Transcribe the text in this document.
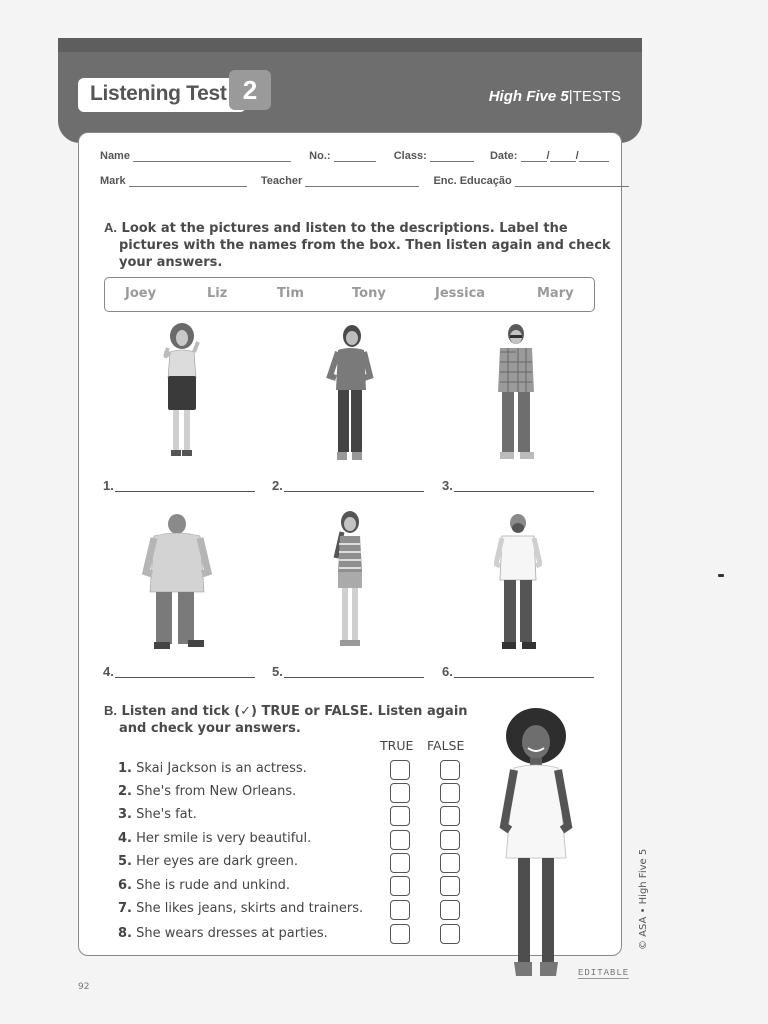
Listening Test 2	High Five 5|TESTS
Name	No.:	Class:	Date:	/ /
Mark	Teacher	Enc. Educação
A. Look at the pictures and listen to the descriptions. Label the
pictures with the names from the box. Then listen again and check
your answers.
Joey	Liz	Tim	Tony	Jessica	Mary
1.	2.	3.
4.	5.	6.
B. Listen and tick (✓) TRUE or FALSE. Listen again
and check your answers.
TRUE FALSE
1. Skai Jackson is an actress.
2. She's from New Orleans.
3. She's fat.
4. Her smile is very beautiful.
5. Her eyes are dark green.
6. She is rude and unkind.
7. She likes jeans, skirts and trainers.
8. She wears dresses at parties.	© ASA • High Five 5
EDITABLE
92
